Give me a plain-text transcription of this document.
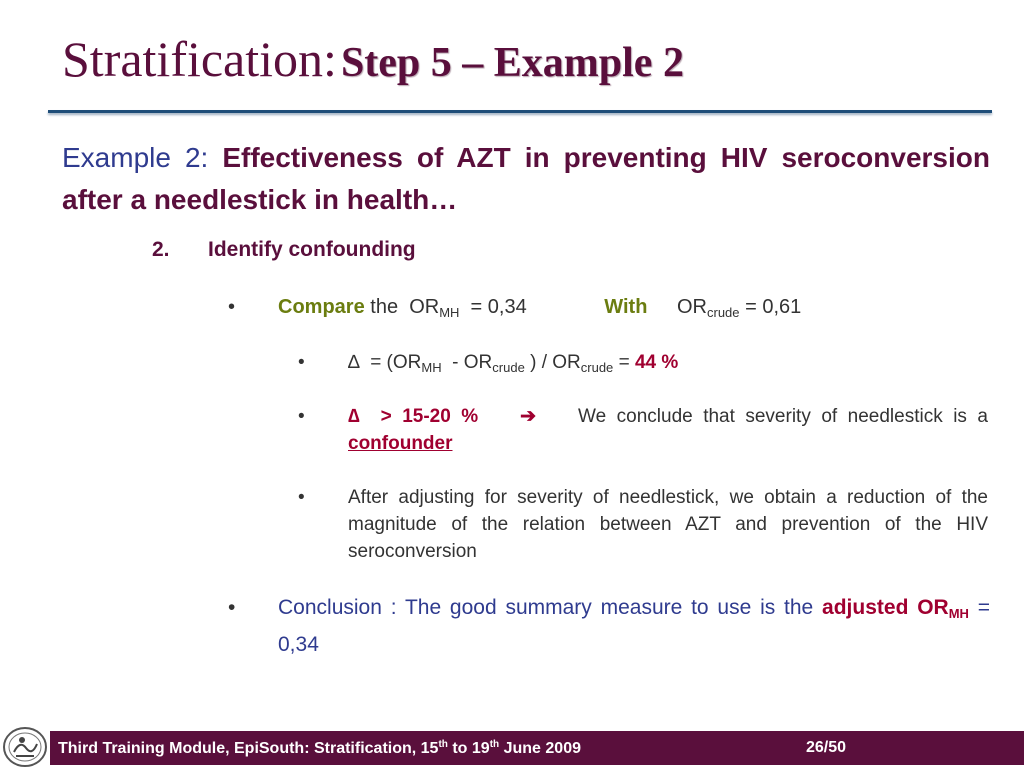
Stratification: Step 5 – Example 2
Example 2: Effectiveness of AZT in preventing HIV seroconversion after a needlestick in health…
2. Identify confounding
• Compare the $OR_{MH} = 0,34$	With $OR_{crude} = 0,61$
• ∆ = ($OR_{MH} - OR_{crude}$ ) / $OR_{crude} = 44$ %
•	∆ > 15-20 % ➔ We conclude that severity of needlestick is a confounder
•	After adjusting for severity of needlestick, we obtain a reduction of the magnitude of the relation between AZT and prevention of the HIV seroconversion
•	Conclusion : The good summary measure to use is the adjusted $OR_{MH} = 0,34$
Third Training Module, EpiSouth: Stratification, 15th to 19th June 2009	26/50
